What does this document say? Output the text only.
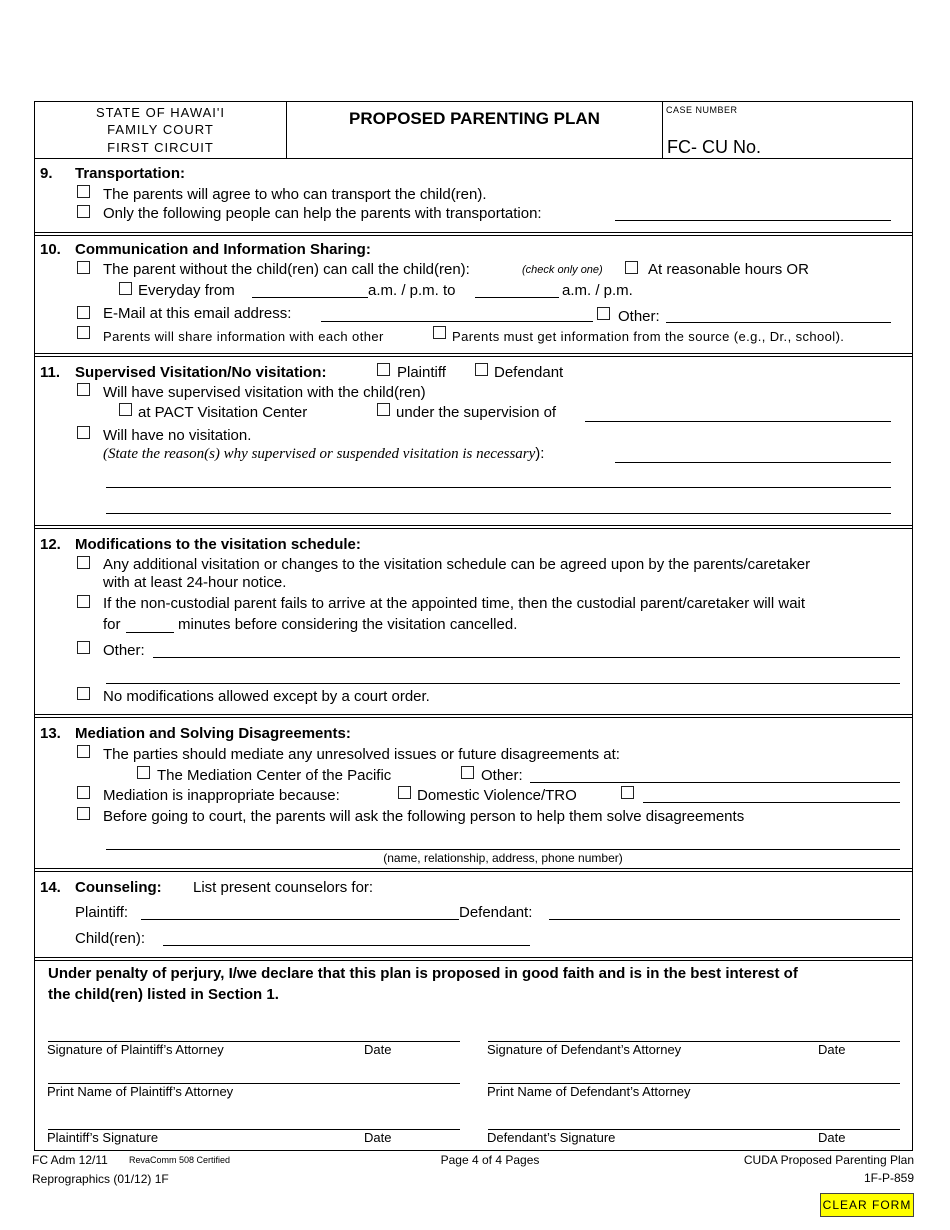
STATE OF HAWAI'I
FAMILY COURT
FIRST CIRCUIT
PROPOSED PARENTING PLAN	CASE NUMBER
FC- CU No.
9. Transportation:
The parents will agree to who can transport the child(ren).
Only the following people can help the parents with transportation:
10. Communication and Information Sharing:
The parent without the child(ren) can call the child(ren):	(check only one)	At reasonable hours OR
Everyday from	a.m. / p.m. to	a.m. / p.m.
E-Mail at this email address:	Other:
Parents will share information with each other	Parents must get information from the source (e.g., Dr., school).
11. Supervised Visitation/No visitation:	Plaintiff	Defendant
Will have supervised visitation with the child(ren)
at PACT Visitation Center	under the supervision of
Will have no visitation.
(State the reason(s) why supervised or suspended visitation is necessary):
12. Modifications to the visitation schedule:
Any additional visitation or changes to the visitation schedule can be agreed upon by the parents/caretaker
with at least 24-hour notice.
If the non-custodial parent fails to arrive at the appointed time, then the custodial parent/caretaker will wait
for	minutes before considering the visitation cancelled.
Other:
No modifications allowed except by a court order.
13. Mediation and Solving Disagreements:
The parties should mediate any unresolved issues or future disagreements at:
The Mediation Center of the Pacific	Other:
Mediation is inappropriate because:	Domestic Violence/TRO
Before going to court, the parents will ask the following person to help them solve disagreements
(name, relationship, address, phone number)
14. Counseling: List present counselors for:
Plaintiff:	Defendant:
Child(ren):
Under penalty of perjury, I/we declare that this plan is proposed in good faith and is in the best interest of
the child(ren) listed in Section 1.
Signature of Plaintiff’s Attorney	Date	Signature of Defendant’s Attorney	Date
Print Name of Plaintiff’s Attorney	Print Name of Defendant’s Attorney
Plaintiff’s Signature	Date	Defendant’s Signature	Date
FC Adm 12/11 RevaComm 508 Certified
Reprographics (01/12) 1F
Page 4 of 4 Pages	CUDA Proposed Parenting Plan
1F-P-859
CLEAR FORM
